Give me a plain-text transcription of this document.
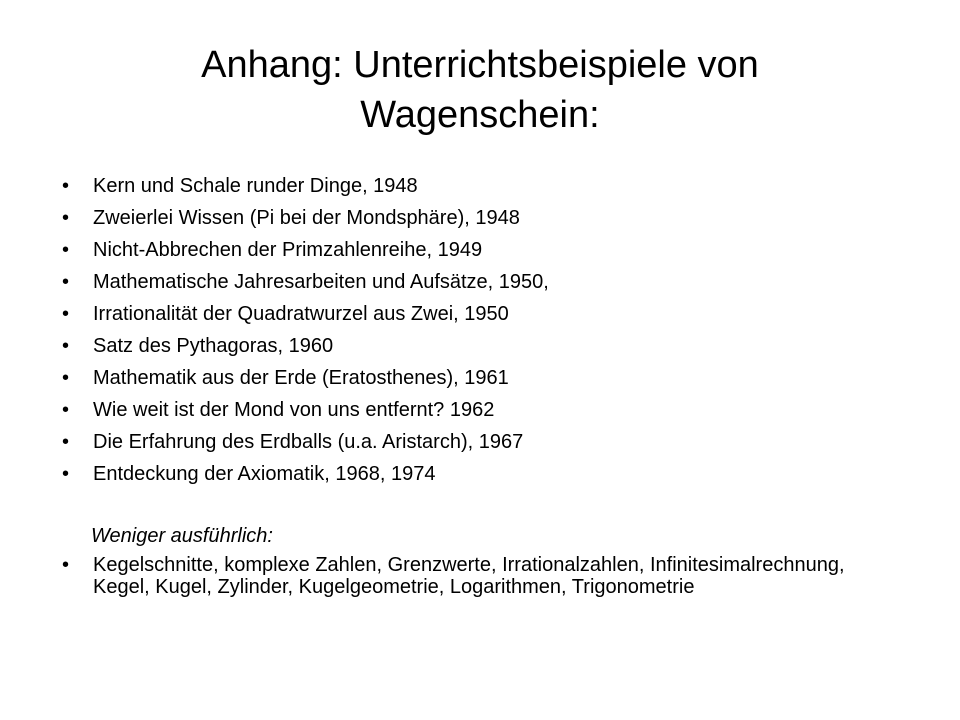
Anhang: Unterrichtsbeispiele von
Wagenschein:
•	Kern und Schale runder Dinge, 1948
•	Zweierlei Wissen (Pi bei der Mondsphäre), 1948
•	Nicht-Abbrechen der Primzahlenreihe, 1949
•	Mathematische Jahresarbeiten und Aufsätze, 1950,
•	Irrationalität der Quadratwurzel aus Zwei, 1950
•	Satz des Pythagoras, 1960
•	Mathematik aus der Erde (Eratosthenes), 1961
•	Wie weit ist der Mond von uns entfernt? 1962
•	Die Erfahrung des Erdballs (u.a. Aristarch), 1967
•	Entdeckung der Axiomatik, 1968, 1974
Weniger ausführlich:
•	Kegelschnitte, komplexe Zahlen, Grenzwerte, Irrationalzahlen, Infinitesimalrechnung, Kegel, Kugel, Zylinder, Kugelgeometrie, Logarithmen, Trigonometrie
